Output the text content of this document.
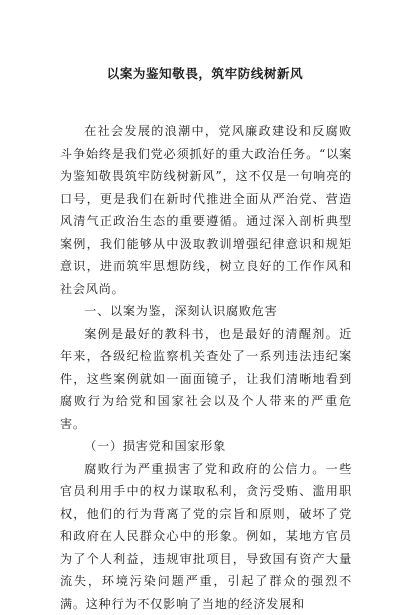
以案为鉴知敬畏，筑牢防线树新风

在社会发展的浪潮中，党风廉政建设和反腐败斗争始终是我们党必须抓好的重大政治任务。“以案为鉴知敬畏筑牢防线树新风”，这不仅是一句响亮的口号，更是我们在新时代推进全面从严治党、营造风清气正政治生态的重要遵循。通过深入剖析典型案例，我们能够从中汲取教训增强纪律意识和规矩意识，进而筑牢思想防线，树立良好的工作作风和社会风尚。

一、以案为鉴，深刻认识腐败危害

案例是最好的教科书，也是最好的清醒剂。近年来，各级纪检监察机关查处了一系列违法违纪案件，这些案例就如一面面镜子，让我们清晰地看到腐败行为给党和国家社会以及个人带来的严重危害。

（一）损害党和国家形象

腐败行为严重损害了党和政府的公信力。一些官员利用手中的权力谋取私利，贪污受贿、滥用职权，他们的行为背离了党的宗旨和原则，破坏了党和政府在人民群众心中的形象。例如，某地方官员为了个人利益，违规审批项目，导致国有资产大量流失，环境污染问题严重，引起了群众的强烈不满。这种行为不仅影响了当地的经济发展和
